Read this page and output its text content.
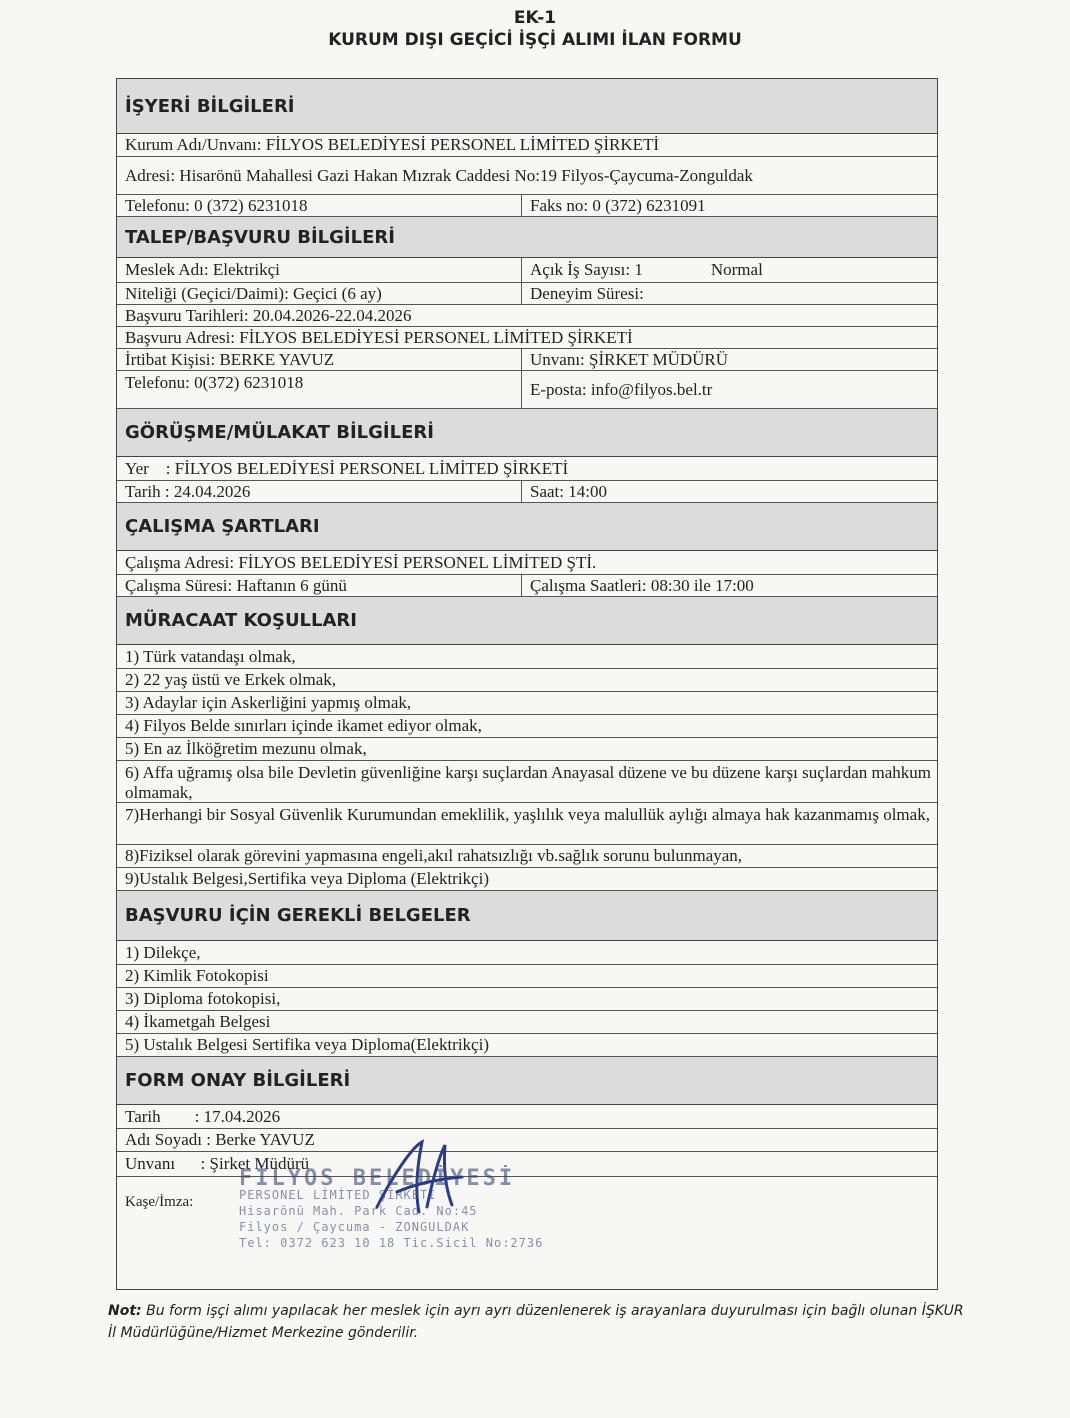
EK-1
KURUM DIŞI GEÇİCİ İŞÇİ ALIMI İLAN FORMU
İŞYERİ BİLGİLERİ
Kurum Adı/Unvanı: FİLYOS BELEDİYESİ PERSONEL LİMİTED ŞİRKETİ
Adresi: Hisarönü Mahallesi Gazi Hakan Mızrak Caddesi No:19 Filyos-Çaycuma-Zonguldak
Telefonu: 0 (372) 6231018	Faks no: 0 (372) 6231091
TALEP/BAŞVURU BİLGİLERİ
Meslek Adı: Elektrikçi	Açık İş Sayısı: 1	Normal
Niteliği (Geçici/Daimi): Geçici (6 ay)	Deneyim Süresi:
Başvuru Tarihleri: 20.04.2026-22.04.2026
Başvuru Adresi: FİLYOS BELEDİYESİ PERSONEL LİMİTED ŞİRKETİ
İrtibat Kişisi: BERKE YAVUZ	Unvanı: ŞİRKET MÜDÜRÜ
Telefonu: 0(372) 6231018	E-posta: info@filyos.bel.tr
GÖRÜŞME/MÜLAKAT BİLGİLERİ
Yer    : FİLYOS BELEDİYESİ PERSONEL LİMİTED ŞİRKETİ
Tarih : 24.04.2026	Saat: 14:00
ÇALIŞMA ŞARTLARI
Çalışma Adresi: FİLYOS BELEDİYESİ PERSONEL LİMİTED ŞTİ.
Çalışma Süresi: Haftanın 6 günü	Çalışma Saatleri: 08:30 ile 17:00
MÜRACAAT KOŞULLARI
1) Türk vatandaşı olmak,
2) 22 yaş üstü ve Erkek olmak,
3) Adaylar için Askerliğini yapmış olmak,
4) Filyos Belde sınırları içinde ikamet ediyor olmak,
5) En az İlköğretim mezunu olmak,
6) Affa uğramış olsa bile Devletin güvenliğine karşı suçlardan Anayasal düzene ve bu düzene karşı suçlardan mahkum olmamak,
7)Herhangi bir Sosyal Güvenlik Kurumundan emeklilik, yaşlılık veya malullük aylığı almaya hak kazanmamış olmak,
8)Fiziksel olarak görevini yapmasına engeli,akıl rahatsızlığı vb.sağlık sorunu bulunmayan,
9)Ustalık Belgesi,Sertifika veya Diploma (Elektrikçi)
BAŞVURU İÇİN GEREKLİ BELGELER
1) Dilekçe,
2) Kimlik Fotokopisi
3) Diploma fotokopisi,
4) İkametgah Belgesi
5) Ustalık Belgesi Sertifika veya Diploma(Elektrikçi)
FORM ONAY BİLGİLERİ
Tarih        : 17.04.2026
Adı Soyadı : Berke YAVUZ
Unvanı      : Şirket Müdürü
Kaşe/İmza:
FİLYOS BELEDİYESİ
PERSONEL LİMİTED ŞİRKETİ
Hisarönü Mah. Park Cad. No:45
Filyos / Çaycuma - ZONGULDAK
Tel: 0372 623 10 18 Tic.Sicil No:2736
Not: Bu form işçi alımı yapılacak her meslek için ayrı ayrı düzenlenerek iş arayanlara duyurulması için bağlı olunan İŞKUR İl Müdürlüğüne/Hizmet Merkezine gönderilir.
